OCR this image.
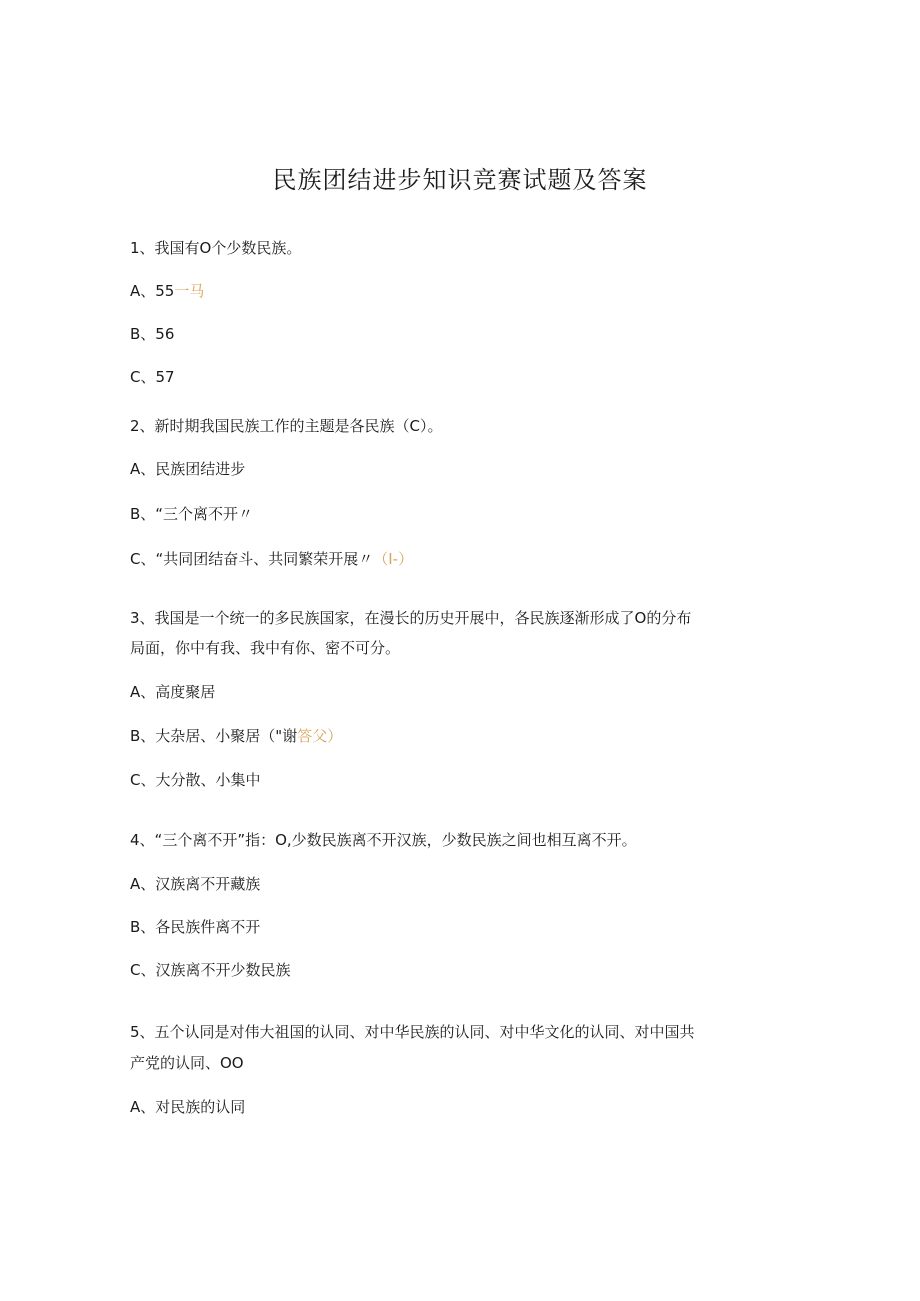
民族团结进步知识竞赛试题及答案
1、我国有O个少数民族。
A、55一马
B、56
C、57
2、新时期我国民族工作的主题是各民族（C）。
A、民族团结进步
B、“三个离不开〃
C、“共同团结奋斗、共同繁荣开展〃（I-）
3、我国是一个统一的多民族国家，在漫长的历史开展中，各民族逐渐形成了O的分布
局面，你中有我、我中有你、密不可分。
A、高度聚居
B、大杂居、小聚居（"谢答父）
C、大分散、小集中
4、“三个离不开”指：O,少数民族离不开汉族，少数民族之间也相互离不开。
A、汉族离不开藏族
B、各民族件离不开
C、汉族离不开少数民族
5、五个认同是对伟大祖国的认同、对中华民族的认同、对中华文化的认同、对中国共
产党的认同、OO
A、对民族的认同
